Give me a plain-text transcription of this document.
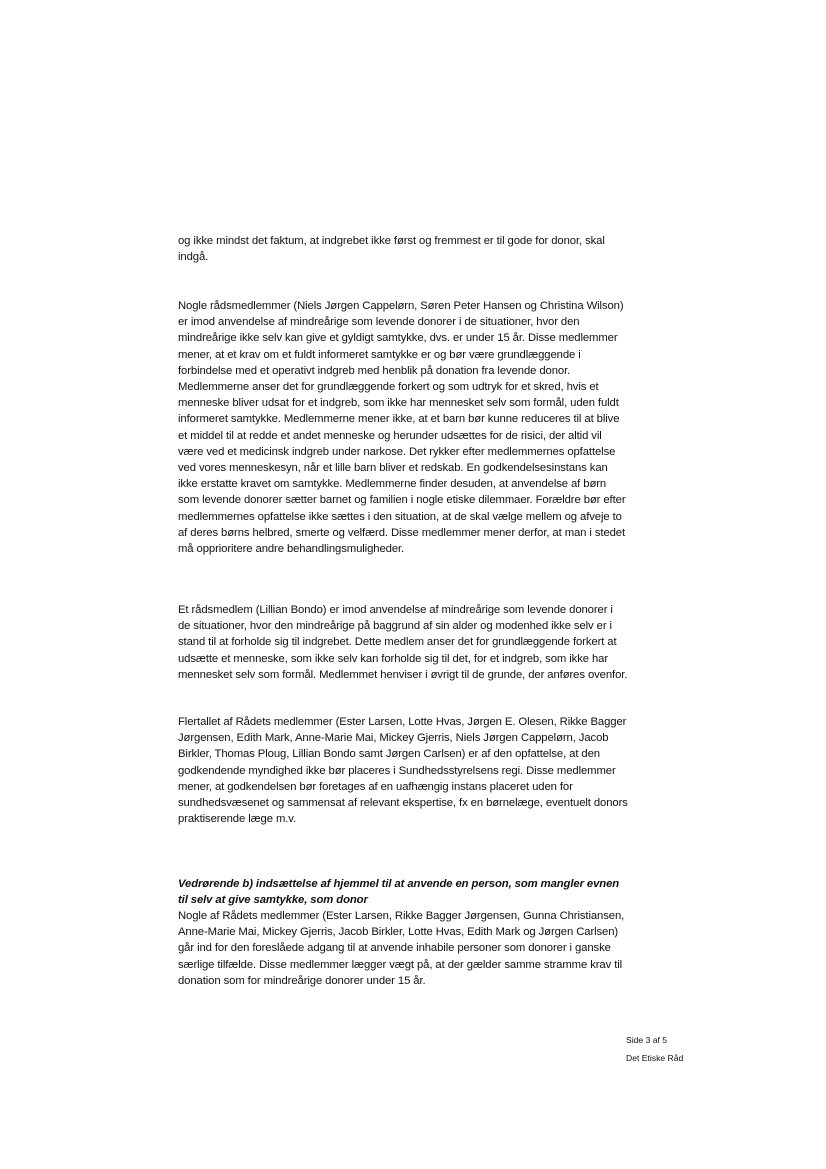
og ikke mindst det faktum, at indgrebet ikke først og fremmest er til gode for donor, skal indgå.

Nogle rådsmedlemmer (Niels Jørgen Cappelørn, Søren Peter Hansen og Christina Wilson) er imod anvendelse af mindreårige som levende donorer i de situationer, hvor den mindreårige ikke selv kan give et gyldigt samtykke, dvs. er under 15 år. Disse medlemmer mener, at et krav om et fuldt informeret samtykke er og bør være grundlæggende i forbindelse med et operativt indgreb med henblik på donation fra levende donor. Medlemmerne anser det for grundlæggende forkert og som udtryk for et skred, hvis et menneske bliver udsat for et indgreb, som ikke har mennesket selv som formål, uden fuldt informeret samtykke. Medlemmerne mener ikke, at et barn bør kunne reduceres til at blive et middel til at redde et andet menneske og herunder udsættes for de risici, der altid vil være ved et medicinsk indgreb under narkose. Det rykker efter medlemmernes opfattelse ved vores menneskesyn, når et lille barn bliver et redskab. En godkendelsesinstans kan ikke erstatte kravet om samtykke. Medlemmerne finder desuden, at anvendelse af børn som levende donorer sætter barnet og familien i nogle etiske dilemmaer. Forældre bør efter medlemmernes opfattelse ikke sættes i den situation, at de skal vælge mellem og afveje to af deres børns helbred, smerte og velfærd. Disse medlemmer mener derfor, at man i stedet må opprioritere andre behandlingsmuligheder.

Et rådsmedlem (Lillian Bondo) er imod anvendelse af mindreårige som levende donorer i de situationer, hvor den mindreårige på baggrund af sin alder og modenhed ikke selv er i stand til at forholde sig til indgrebet. Dette medlem anser det for grundlæggende forkert at udsætte et menneske, som ikke selv kan forholde sig til det, for et indgreb, som ikke har mennesket selv som formål. Medlemmet henviser i øvrigt til de grunde, der anføres ovenfor.

Flertallet af Rådets medlemmer (Ester Larsen, Lotte Hvas, Jørgen E. Olesen, Rikke Bagger Jørgensen, Edith Mark, Anne-Marie Mai, Mickey Gjerris, Niels Jørgen Cappelørn, Jacob Birkler, Thomas Ploug, Lillian Bondo samt Jørgen Carlsen) er af den opfattelse, at den godkendende myndighed ikke bør placeres i Sundhedsstyrelsens regi. Disse medlemmer mener, at godkendelsen bør foretages af en uafhængig instans placeret uden for sundhedsvæsenet og sammensat af relevant ekspertise, fx en børnelæge, eventuelt donors praktiserende læge m.v.

Vedrørende b) indsættelse af hjemmel til at anvende en person, som mangler evnen til selv at give samtykke, som donor

Nogle af Rådets medlemmer (Ester Larsen, Rikke Bagger Jørgensen, Gunna Christiansen, Anne-Marie Mai, Mickey Gjerris, Jacob Birkler, Lotte Hvas, Edith Mark og Jørgen Carlsen) går ind for den foreslåede adgang til at anvende inhabile personer som donorer i ganske særlige tilfælde. Disse medlemmer lægger vægt på, at der gælder samme stramme krav til donation som for mindreårige donorer under 15 år.

Side 3 af 5

Det Etiske Råd
